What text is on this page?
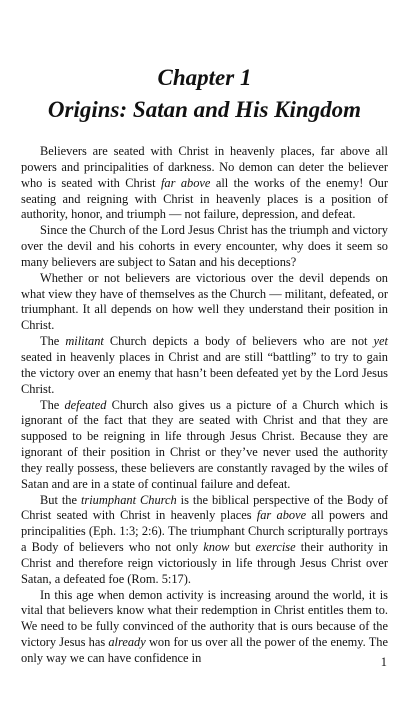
Chapter 1
Origins: Satan and His Kingdom

Believers are seated with Christ in heavenly places, far above all powers and principalities of darkness. No demon can deter the believer who is seated with Christ far above all the works of the enemy! Our seating and reigning with Christ in heavenly places is a position of authority, honor, and triumph — not failure, depression, and defeat.

Since the Church of the Lord Jesus Christ has the triumph and victory over the devil and his cohorts in every encounter, why does it seem so many believers are subject to Satan and his deceptions?

Whether or not believers are victorious over the devil depends on what view they have of themselves as the Church — militant, defeated, or triumphant. It all depends on how well they understand their position in Christ.

The militant Church depicts a body of believers who are not yet seated in heavenly places in Christ and are still “battling” to try to gain the victory over an enemy that hasn’t been defeated yet by the Lord Jesus Christ.

The defeated Church also gives us a picture of a Church which is ignorant of the fact that they are seated with Christ and that they are supposed to be reigning in life through Jesus Christ. Because they are ignorant of their position in Christ or they’ve never used the authority they really possess, these believers are constantly ravaged by the wiles of Satan and are in a state of continual failure and defeat.

But the triumphant Church is the biblical perspective of the Body of Christ seated with Christ in heavenly places far above all powers and principalities (Eph. 1:3; 2:6). The triumphant Church scripturally portrays a Body of believers who not only know but exercise their authority in Christ and therefore reign victoriously in life through Jesus Christ over Satan, a defeated foe (Rom. 5:17).

In this age when demon activity is increasing around the world, it is vital that believers know what their redemption in Christ entitles them to. We need to be fully convinced of the authority that is ours because of the victory Jesus has already won for us over all the power of the enemy. The only way we can have confidence in	1
